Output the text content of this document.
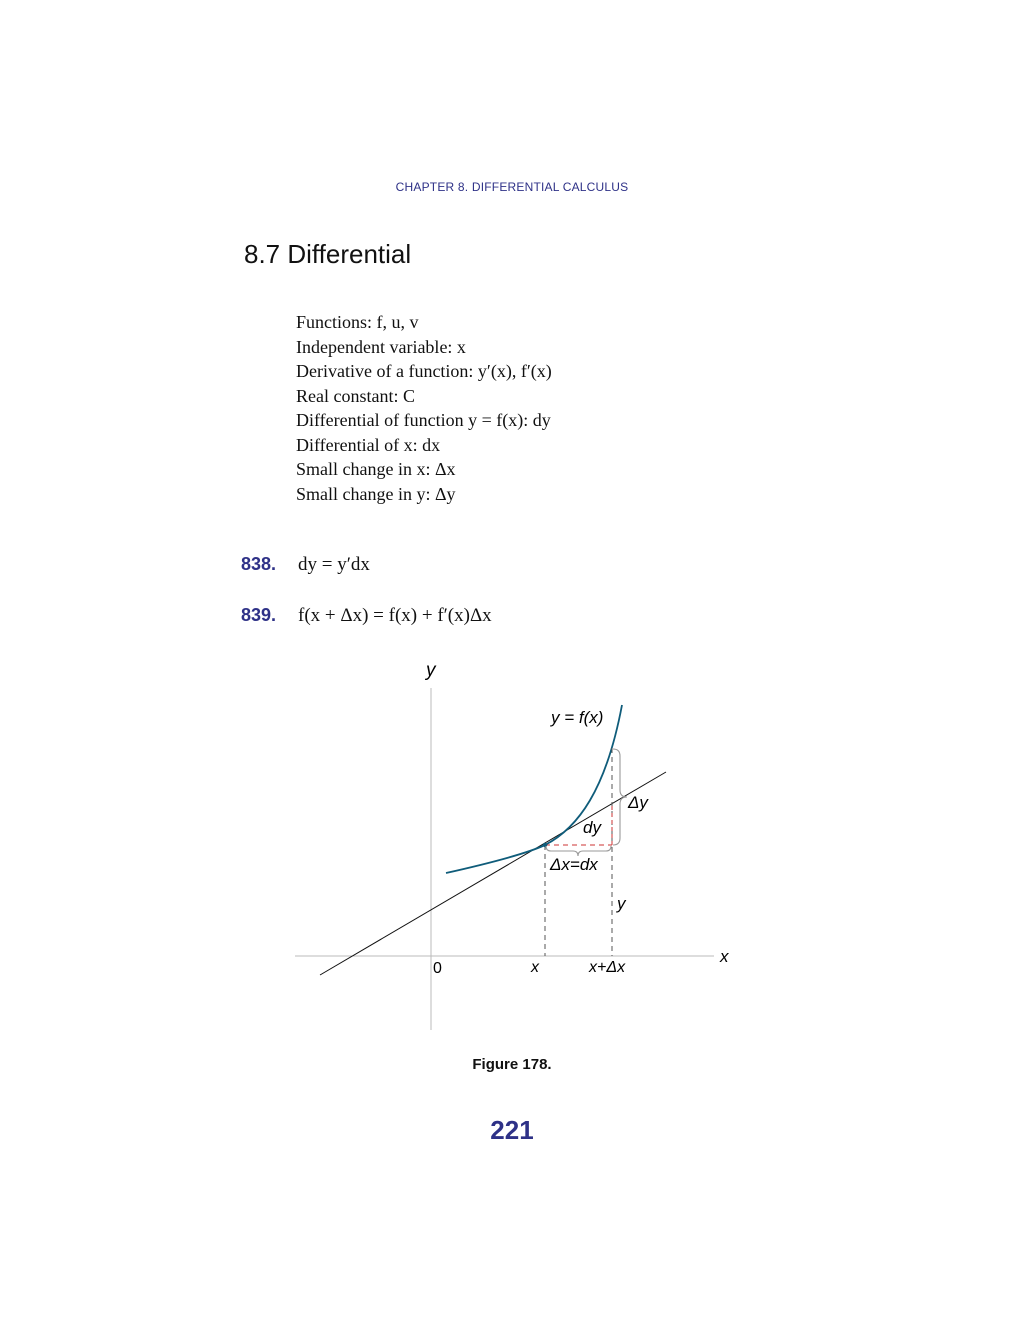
CHAPTER 8. DIFFERENTIAL CALCULUS
8.7 Differential
Functions: f, u, v
Independent variable: x
Derivative of a function: y′(x), f′(x)
Real constant: C
Differential of function y = f(x): dy
Differential of x: dx
Small change in x: Δx
Small change in y: Δy
838. dy = y′dx
839. f(x + Δx) = f(x) + f′(x)Δx
y
x
0	x	x+Δx
y = f(x)
Δy
dy
Δx=dx
y
Figure 178.
221
